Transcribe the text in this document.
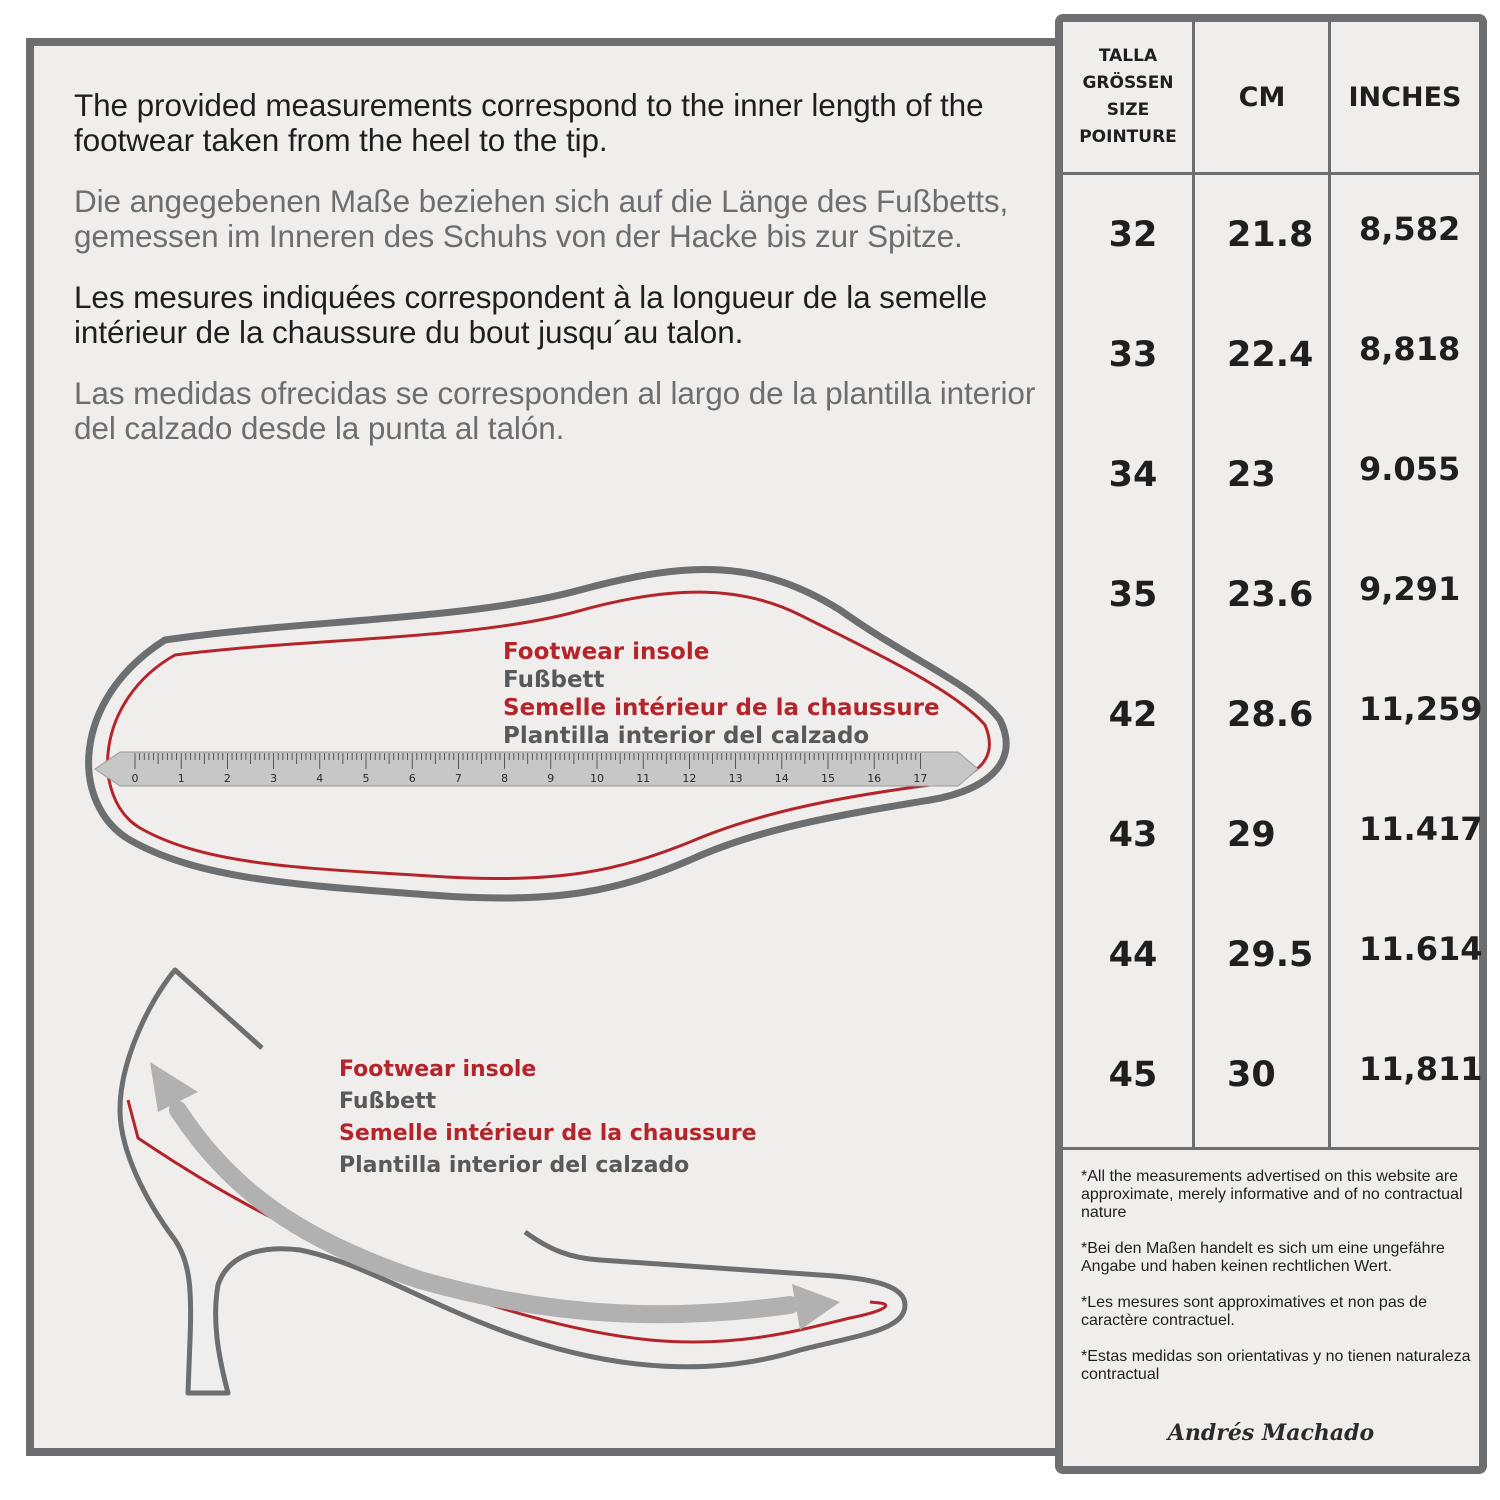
The provided measurements correspond to the inner length of the footwear taken from the heel to the tip.

Die angegebenen Maße beziehen sich auf die Länge des Fußbetts, gemessen im Inneren des Schuhs von der Hacke bis zur Spitze.

Les mesures indiquées correspondent à la longueur de la semelle intérieur de la chaussure du bout jusqu´au talon.

Las medidas ofrecidas se corresponden al largo de la plantilla interior del calzado desde la punta al talón.

0	1	2	3	4	5	6	7	8	9	10	11	12	13	14	15	16	17
Footwear insole
Fußbett
Semelle intérieur de la chaussure
Plantilla interior del calzado
Footwear insole
Fußbett
Semelle intérieur de la chaussure
Plantilla interior del calzado
TALLA
GRÖSSEN
SIZE
POINTURE
CM	INCHES
32	21.8	8,582
33	22.4	8,818
34	23	9.055
35	23.6	9,291
42	28.6	11,259
43	29	11.417
44	29.5	11.614
45	30	11,811

*All the measurements advertised on this website are approximate, merely informative and of no contractual nature

*Bei den Maßen handelt es sich um eine ungefähre Angabe und haben keinen rechtlichen Wert.

*Les mesures sont approximatives et non pas de caractère contractuel.

*Estas medidas son orientativas y no tienen naturaleza contractual

Andrés Machado
